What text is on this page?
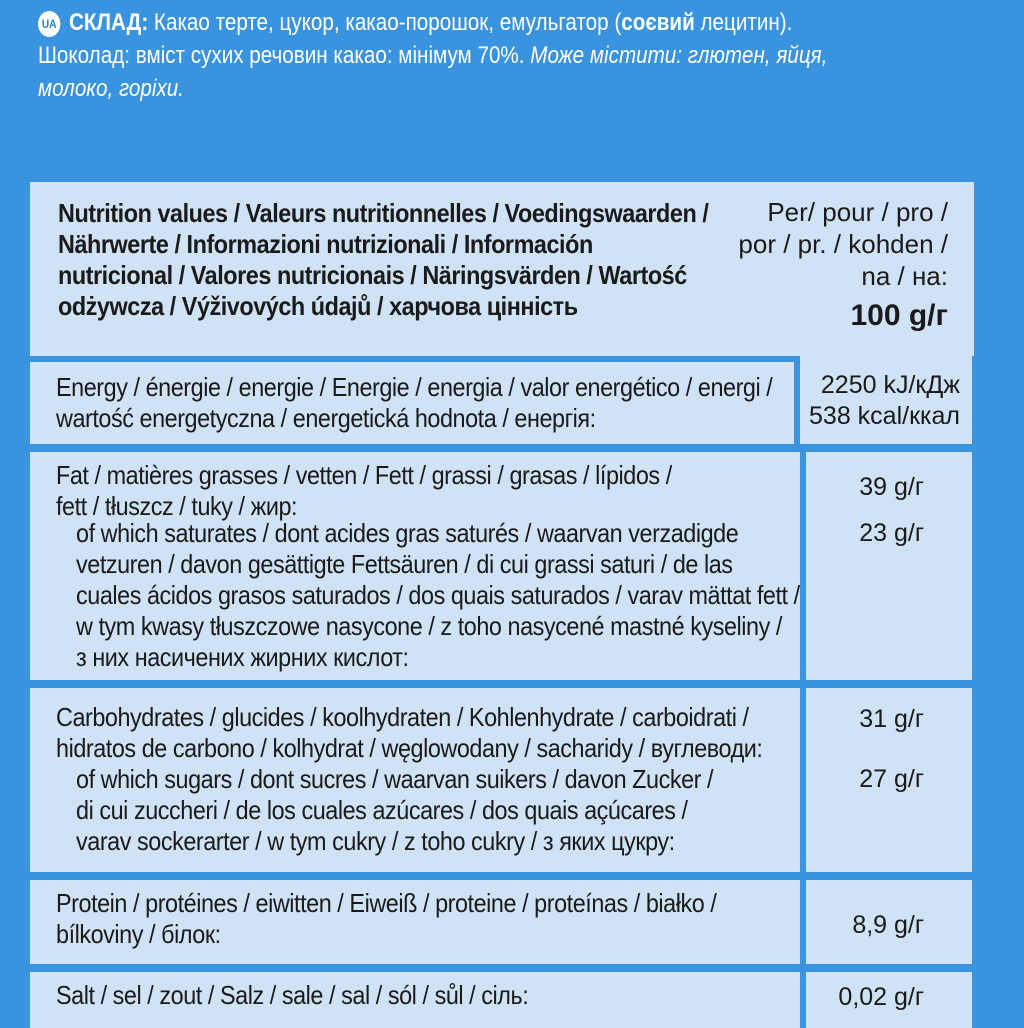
UA СКЛАД: Какао терте, цукор, какао-порошок, емульгатор (соєвий лецитин).
Шоколад: вміст сухих речовин какао: мінімум 70%. Може містити: глютен, яйця,
молоко, горіхи.
Nutrition values / Valeurs nutritionnelles / Voedingswaarden /
Nährwerte / Informazioni nutrizionali / Información
nutricional / Valores nutricionais / Näringsvärden / Wartość
odżywcza / Výživových údajů / харчова цінність
Per/ pour / pro /
por / pr. / kohden /
na / на:
100 g/г
Energy / énergie / energie / Energie / energia / valor energético / energi /
wartość energetyczna / energetická hodnota / енергія:
2250 kJ/кДж
538 kcal/ккал
Fat / matières grasses / vetten / Fett / grassi / grasas / lípidos /
fett / tłuszcz / tuky / жир:
of which saturates / dont acides gras saturés / waarvan verzadigde
vetzuren / davon gesättigte Fettsäuren / di cui grassi saturi / de las
cuales ácidos grasos saturados / dos quais saturados / varav mättat fett /
w tym kwasy tłuszczowe nasycone / z toho nasycené mastné kyseliny /
з них насичених жирних кислот:
39 g/г
23 g/г
Carbohydrates / glucides / koolhydraten / Kohlenhydrate / carboidrati /
hidratos de carbono / kolhydrat / węglowodany / sacharidy / вуглеводи:
of which sugars / dont sucres / waarvan suikers / davon Zucker /
di cui zuccheri / de los cuales azúcares / dos quais açúcares /
varav sockerarter / w tym cukry / z toho cukry / з яких цукру:
31 g/г
27 g/г
Protein / protéines / eiwitten / Eiweiß / proteine / proteínas / białko /
bílkoviny / білок:	8,9 g/г
Salt / sel / zout / Salz / sale / sal / sól / sůl / сіль:	0,02 g/г
